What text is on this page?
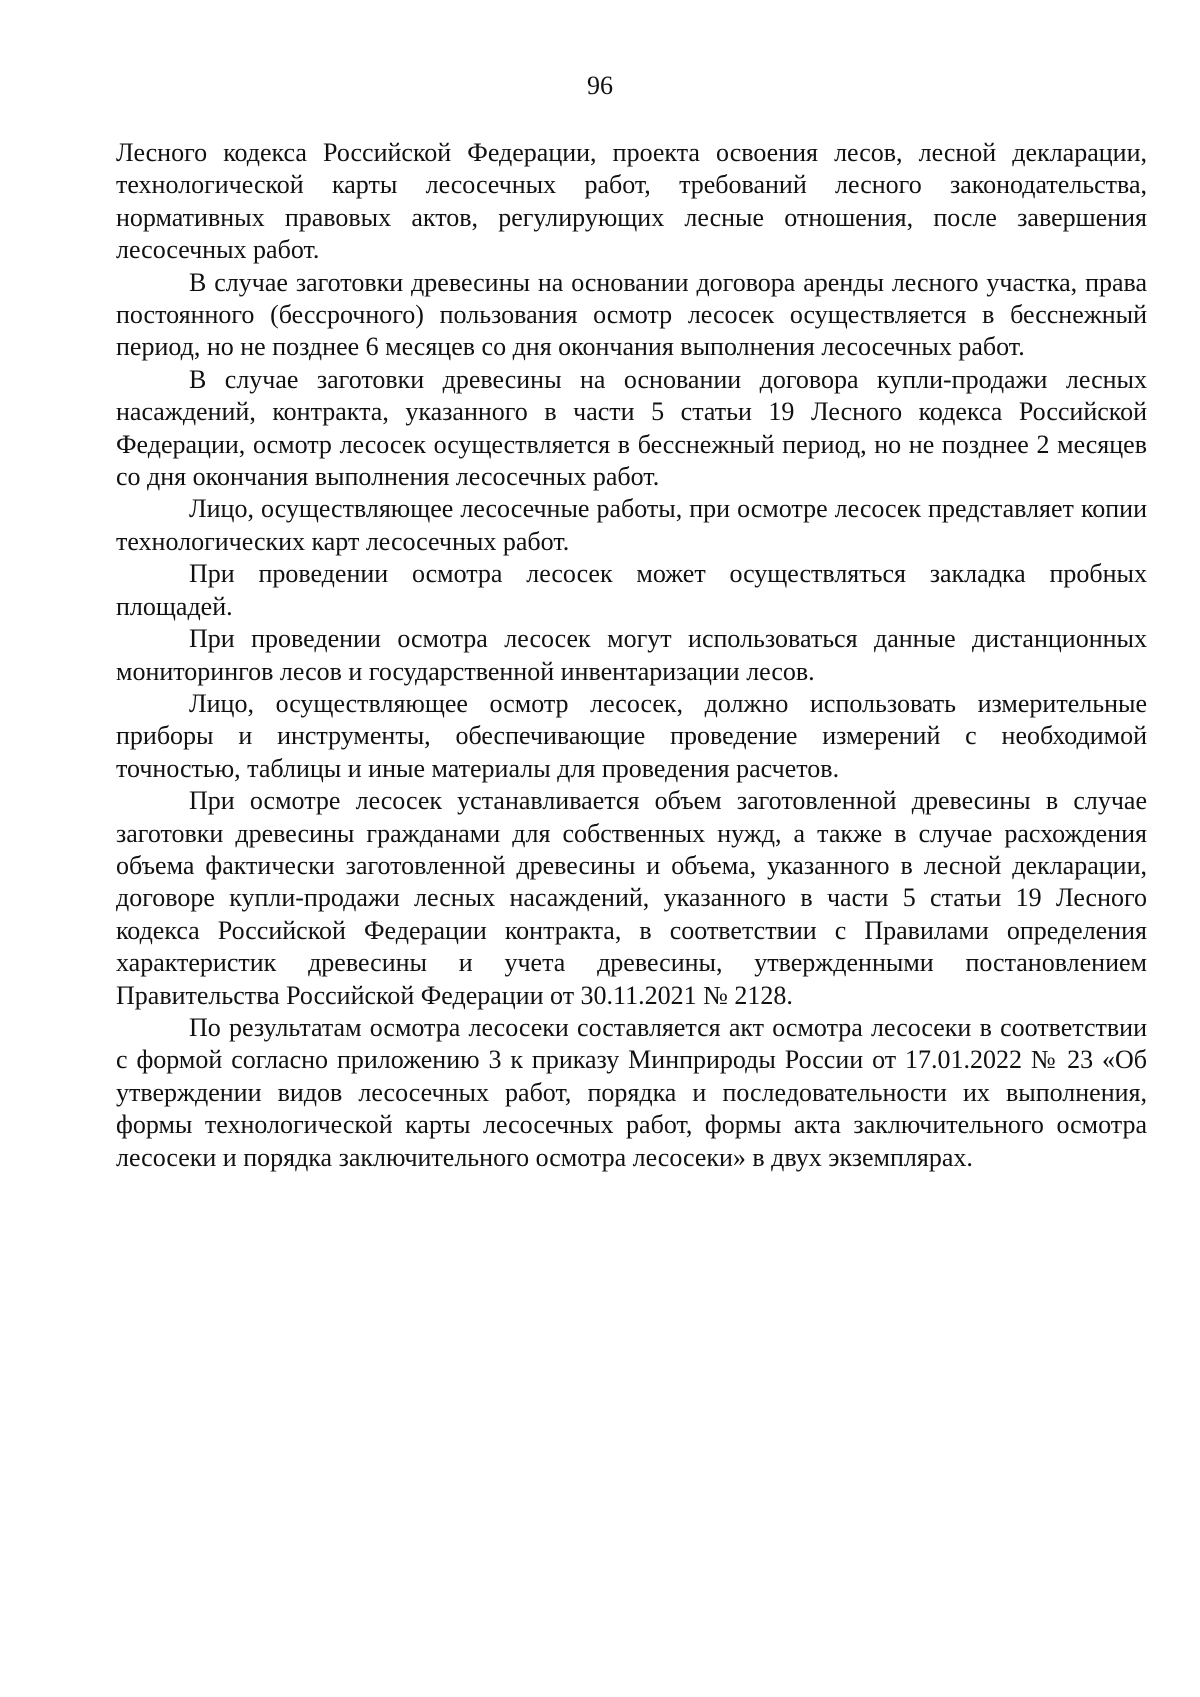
96

Лесного кодекса Российской Федерации, проекта освоения лесов, лесной декларации, технологической карты лесосечных работ, требований лесного законодательства, нормативных правовых актов, регулирующих лесные отношения, после завершения лесосечных работ.

В случае заготовки древесины на основании договора аренды лесного участка, права постоянного (бессрочного) пользования осмотр лесосек осуществляется в бесснежный период, но не позднее 6 месяцев со дня окончания выполнения лесосечных работ.

В случае заготовки древесины на основании договора купли-продажи лесных насаждений, контракта, указанного в части 5 статьи 19 Лесного кодекса Российской Федерации, осмотр лесосек осуществляется в бесснежный период, но не позднее 2 месяцев со дня окончания выполнения лесосечных работ.

Лицо, осуществляющее лесосечные работы, при осмотре лесосек представляет копии технологических карт лесосечных работ.

При проведении осмотра лесосек может осуществляться закладка пробных площадей.

При проведении осмотра лесосек могут использоваться данные дистанционных мониторингов лесов и государственной инвентаризации лесов.

Лицо, осуществляющее осмотр лесосек, должно использовать измерительные приборы и инструменты, обеспечивающие проведение измерений с необходимой точностью, таблицы и иные материалы для проведения расчетов.

При осмотре лесосек устанавливается объем заготовленной древесины в случае заготовки древесины гражданами для собственных нужд, а также в случае расхождения объема фактически заготовленной древесины и объема, указанного в лесной декларации, договоре купли-продажи лесных насаждений, указанного в части 5 статьи 19 Лесного кодекса Российской Федерации контракта, в соответствии с Правилами определения характеристик древесины и учета древесины, утвержденными постановлением Правительства Российской Федерации от 30.11.2021 № 2128.

По результатам осмотра лесосеки составляется акт осмотра лесосеки в соответствии с формой согласно приложению 3 к приказу Минприроды России от 17.01.2022 № 23 «Об утверждении видов лесосечных работ, порядка и последовательности их выполнения, формы технологической карты лесосечных работ, формы акта заключительного осмотра лесосеки и порядка заключительного осмотра лесосеки» в двух экземплярах.
